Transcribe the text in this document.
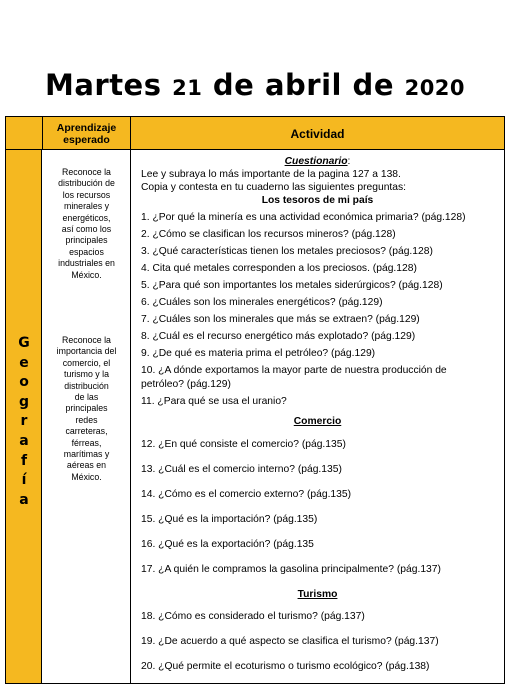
Martes 21 de abril de 2020
Aprendizaje
esperado	Actividad
G
e
o
g
r
a
f
í
a
Reconoce la
distribución de
los recursos
minerales y
energéticos,
así como los
principales
espacios
industriales en
México.
Reconoce la
importancia del
comercio, el
turismo y la
distribución
de las
principales
redes
carreteras,
férreas,
marítimas y
aéreas en
México.
Cuestionario:
Lee y subraya lo más importante de la pagina 127 a 138.
Copia y contesta en tu cuaderno las siguientes preguntas:
Los tesoros de mi país
1. ¿Por qué la minería es una actividad económica primaria? (pág.128)
2. ¿Cómo se clasifican los recursos mineros? (pág.128)
3. ¿Qué características tienen los metales preciosos? (pág.128)
4. Cita qué metales corresponden a los preciosos. (pág.128)
5. ¿Para qué son importantes los metales siderúrgicos? (pág.128)
6. ¿Cuáles son los minerales energéticos? (pág.129)
7. ¿Cuáles son los minerales que más se extraen? (pág.129)
8. ¿Cuál es el recurso energético más explotado? (pág.129)
9. ¿De qué es materia prima el petróleo? (pág.129)
10. ¿A dónde exportamos la mayor parte de nuestra producción de
petróleo? (pág.129)
11. ¿Para qué se usa el uranio?
Comercio
12. ¿En qué consiste el comercio? (pág.135)
13. ¿Cuál es el comercio interno? (pág.135)
14. ¿Cómo es el comercio externo? (pág.135)
15. ¿Qué es la importación? (pág.135)
16. ¿Qué es la exportación? (pág.135
17. ¿A quién le compramos la gasolina principalmente? (pág.137)
Turismo
18. ¿Cómo es considerado el turismo? (pág.137)
19. ¿De acuerdo a qué aspecto se clasifica el turismo? (pág.137)
20. ¿Qué permite el ecoturismo o turismo ecológico? (pág.138)
